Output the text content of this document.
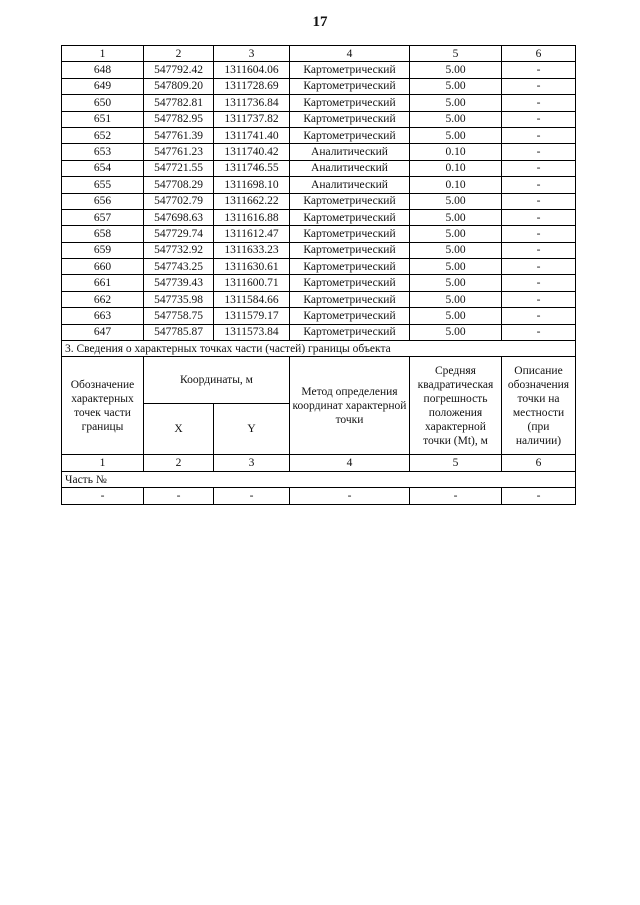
17
1	2	3	4	5	6
648	547792.42	1311604.06	Картометрический	5.00	-
649	547809.20	1311728.69	Картометрический	5.00	-
650	547782.81	1311736.84	Картометрический	5.00	-
651	547782.95	1311737.82	Картометрический	5.00	-
652	547761.39	1311741.40	Картометрический	5.00	-
653	547761.23	1311740.42	Аналитический	0.10	-
654	547721.55	1311746.55	Аналитический	0.10	-
655	547708.29	1311698.10	Аналитический	0.10	-
656	547702.79	1311662.22	Картометрический	5.00	-
657	547698.63	1311616.88	Картометрический	5.00	-
658	547729.74	1311612.47	Картометрический	5.00	-
659	547732.92	1311633.23	Картометрический	5.00	-
660	547743.25	1311630.61	Картометрический	5.00	-
661	547739.43	1311600.71	Картометрический	5.00	-
662	547735.98	1311584.66	Картометрический	5.00	-
663	547758.75	1311579.17	Картометрический	5.00	-
647	547785.87	1311573.84	Картометрический	5.00	-
3. Сведения о характерных точках части (частей) границы объекта					
Обозначение характерных точек части границы	Координаты, м		Метод определения координат характерной точки	Средняя квадратическая погрешность положения характерной точки (Mt), м	Описание обозначения точки на местности (при наличии)
	X	Y			
1	2	3	4	5	6
Часть №					
-	-	-	-	-	-
